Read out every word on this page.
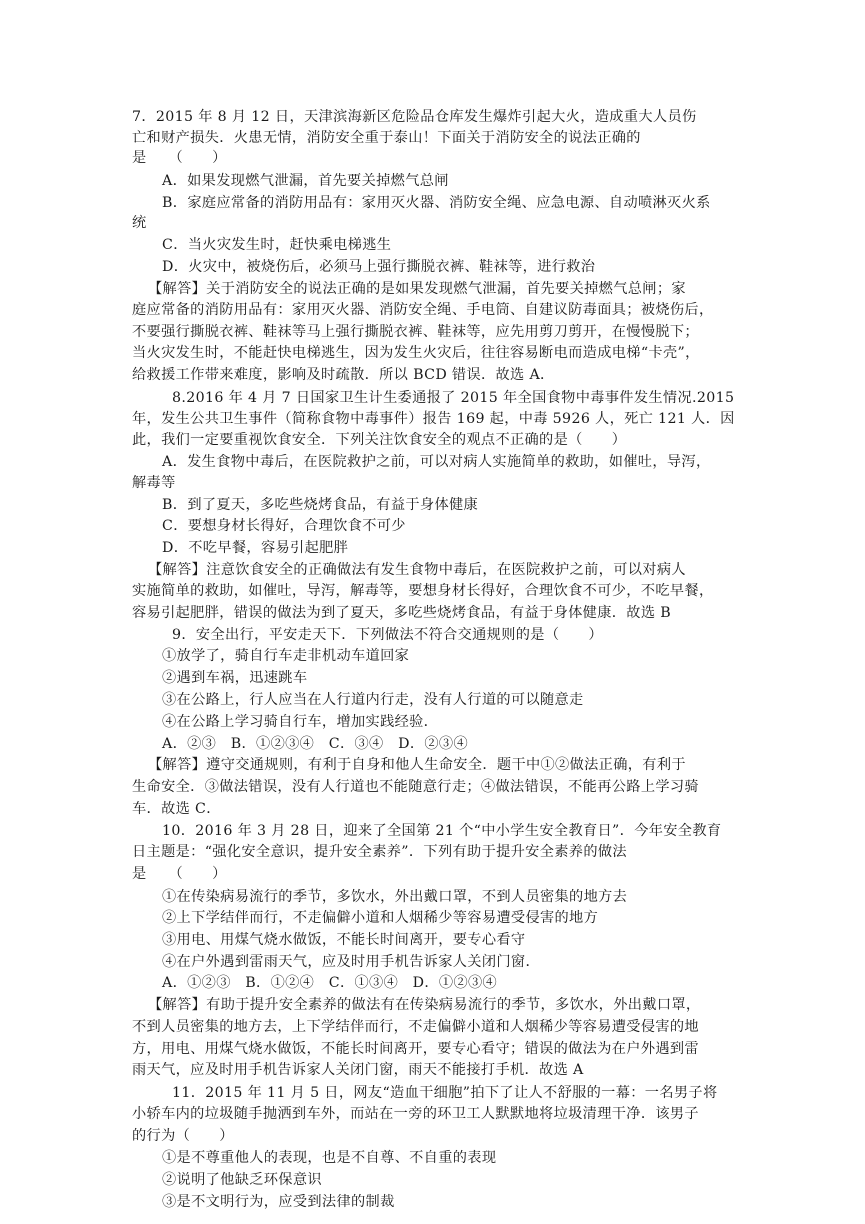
7．2015 年 8 月 12 日，天津滨海新区危险品仓库发生爆炸引起大火，造成重大人员伤
亡和财产损失．火患无情，消防安全重于泰山！下面关于消防安全的说法正确的
是　　（　　）
A．如果发现燃气泄漏，首先要关掉燃气总闸
B．家庭应常备的消防用品有：家用灭火器、消防安全绳、应急电源、自动喷淋灭火系
统
C．当火灾发生时，赶快乘电梯逃生
D．火灾中，被烧伤后，必须马上强行撕脱衣裤、鞋袜等，进行救治
【解答】关于消防安全的说法正确的是如果发现燃气泄漏，首先要关掉燃气总闸；家
庭应常备的消防用品有：家用灭火器、消防安全绳、手电筒、自建议防毒面具；被烧伤后，
不要强行撕脱衣裤、鞋袜等马上强行撕脱衣裤、鞋袜等，应先用剪刀剪开，在慢慢脱下；
当火灾发生时，不能赶快电梯逃生，因为发生火灾后，往往容易断电而造成电梯“卡壳”，
给救援工作带来难度，影响及时疏散．所以 BCD 错误．故选 A．
8.2016 年 4 月 7 日国家卫生计生委通报了 2015 年全国食物中毒事件发生情况.2015
年，发生公共卫生事件（简称食物中毒事件）报告 169 起，中毒 5926 人，死亡 121 人．因
此，我们一定要重视饮食安全．下列关注饮食安全的观点不正确的是（　　）
A．发生食物中毒后，在医院救护之前，可以对病人实施简单的救助，如催吐，导泻，
解毒等
B．到了夏天，多吃些烧烤食品，有益于身体健康
C．要想身材长得好，合理饮食不可少
D．不吃早餐，容易引起肥胖
【解答】注意饮食安全的正确做法有发生食物中毒后，在医院救护之前，可以对病人
实施简单的救助，如催吐，导泻，解毒等，要想身材长得好，合理饮食不可少，不吃早餐，
容易引起肥胖，错误的做法为到了夏天，多吃些烧烤食品，有益于身体健康．故选 B
9．安全出行，平安走天下．下列做法不符合交通规则的是（　　）
①放学了，骑自行车走非机动车道回家
②遇到车祸，迅速跳车
③在公路上，行人应当在人行道内行走，没有人行道的可以随意走
④在公路上学习骑自行车，增加实践经验．
A．②③　B．①②③④　C．③④　D．②③④
【解答】遵守交通规则，有利于自身和他人生命安全．题干中①②做法正确，有利于
生命安全．③做法错误，没有人行道也不能随意行走；④做法错误，不能再公路上学习骑
车．故选 C．
10．2016 年 3 月 28 日，迎来了全国第 21 个“中小学生安全教育日”．今年安全教育
日主题是：“强化安全意识，提升安全素养”．下列有助于提升安全素养的做法
是　　（　　）
①在传染病易流行的季节，多饮水，外出戴口罩，不到人员密集的地方去
②上下学结伴而行，不走偏僻小道和人烟稀少等容易遭受侵害的地方
③用电、用煤气烧水做饭，不能长时间离开，要专心看守
④在户外遇到雷雨天气，应及时用手机告诉家人关闭门窗．
A．①②③　B．①②④　C．①③④　D．①②③④
【解答】有助于提升安全素养的做法有在传染病易流行的季节，多饮水，外出戴口罩，
不到人员密集的地方去，上下学结伴而行，不走偏僻小道和人烟稀少等容易遭受侵害的地
方，用电、用煤气烧水做饭，不能长时间离开，要专心看守；错误的做法为在户外遇到雷
雨天气，应及时用手机告诉家人关闭门窗，雨天不能接打手机．故选 A
11．2015 年 11 月 5 日，网友“造血干细胞”拍下了让人不舒服的一幕：一名男子将
小轿车内的垃圾随手抛洒到车外，而站在一旁的环卫工人默默地将垃圾清理干净．该男子
的行为（　　）
①是不尊重他人的表现，也是不自尊、不自重的表现
②说明了他缺乏环保意识
③是不文明行为，应受到法律的制裁
